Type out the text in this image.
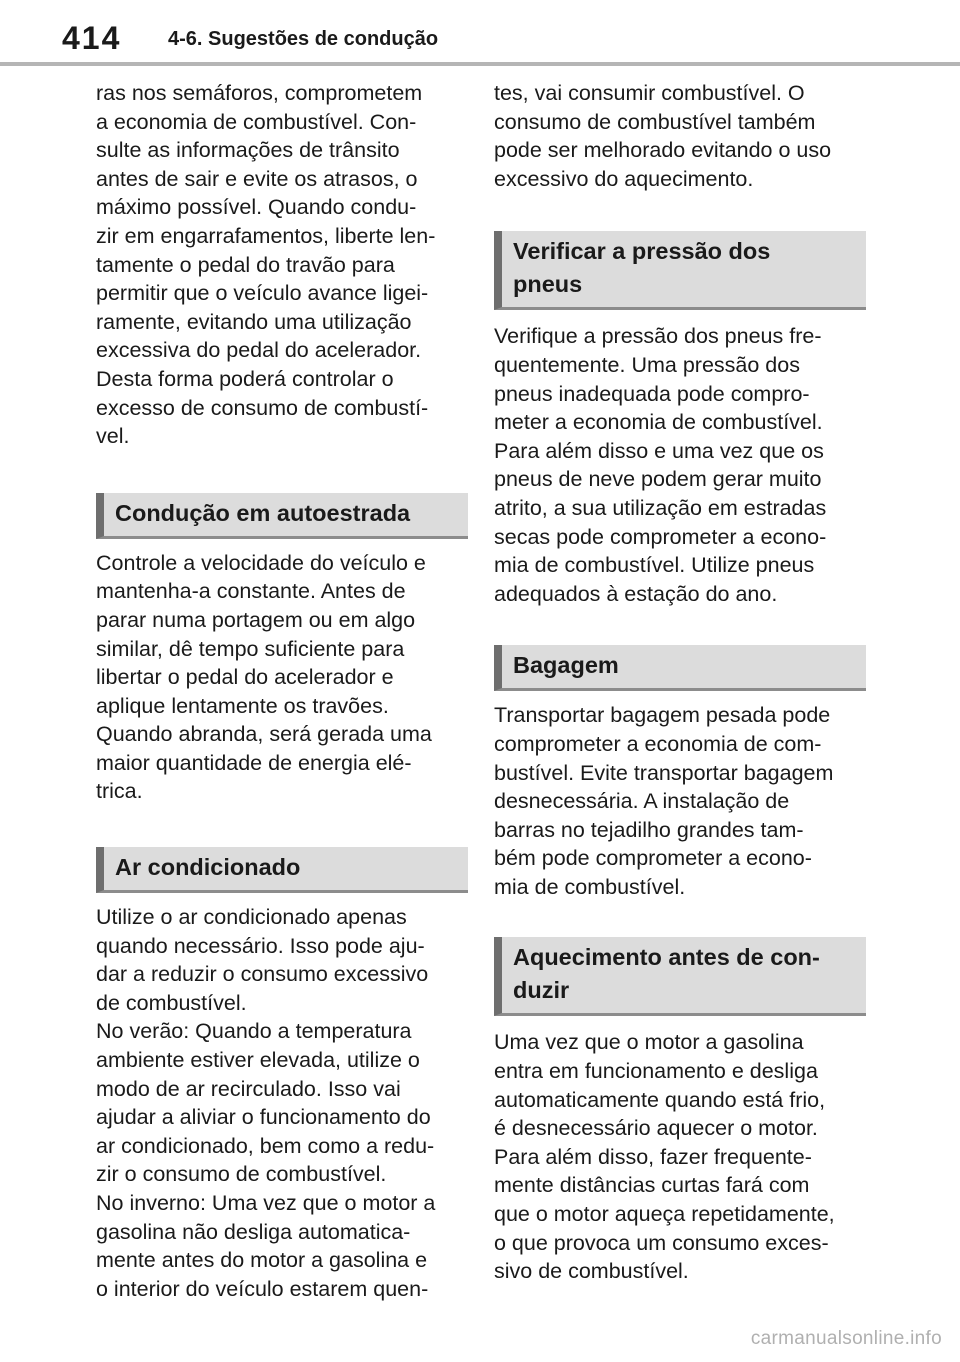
414 4-6. Sugestões de condução

ras nos semáforos, comprometem
a economia de combustível. Con-
sulte as informações de trânsito
antes de sair e evite os atrasos, o
máximo possível. Quando condu-
zir em engarrafamentos, liberte len-
tamente o pedal do travão para
permitir que o veículo avance ligei-
ramente, evitando uma utilização
excessiva do pedal do acelerador.
Desta forma poderá controlar o
excesso de consumo de combustí-
vel.

Condução em autoestrada

Controle a velocidade do veículo e
mantenha-a constante. Antes de
parar numa portagem ou em algo
similar, dê tempo suficiente para
libertar o pedal do acelerador e
aplique lentamente os travões.
Quando abranda, será gerada uma
maior quantidade de energia elé-
trica.

Ar condicionado

Utilize o ar condicionado apenas
quando necessário. Isso pode aju-
dar a reduzir o consumo excessivo
de combustível.
No verão: Quando a temperatura
ambiente estiver elevada, utilize o
modo de ar recirculado. Isso vai
ajudar a aliviar o funcionamento do
ar condicionado, bem como a redu-
zir o consumo de combustível.
No inverno: Uma vez que o motor a
gasolina não desliga automatica-
mente antes do motor a gasolina e
o interior do veículo estarem quen-

tes, vai consumir combustível. O
consumo de combustível também
pode ser melhorado evitando o uso
excessivo do aquecimento.

Verificar a pressão dos
pneus

Verifique a pressão dos pneus fre-
quentemente. Uma pressão dos
pneus inadequada pode compro-
meter a economia de combustível.
Para além disso e uma vez que os
pneus de neve podem gerar muito
atrito, a sua utilização em estradas
secas pode comprometer a econo-
mia de combustível. Utilize pneus
adequados à estação do ano.

Bagagem

Transportar bagagem pesada pode
comprometer a economia de com-
bustível. Evite transportar bagagem
desnecessária. A instalação de
barras no tejadilho grandes tam-
bém pode comprometer a econo-
mia de combustível.

Aquecimento antes de con-
duzir

Uma vez que o motor a gasolina
entra em funcionamento e desliga
automaticamente quando está frio,
é desnecessário aquecer o motor.
Para além disso, fazer frequente-
mente distâncias curtas fará com
que o motor aqueça repetidamente,
o que provoca um consumo exces-
sivo de combustível.

carmanualsonline.info
